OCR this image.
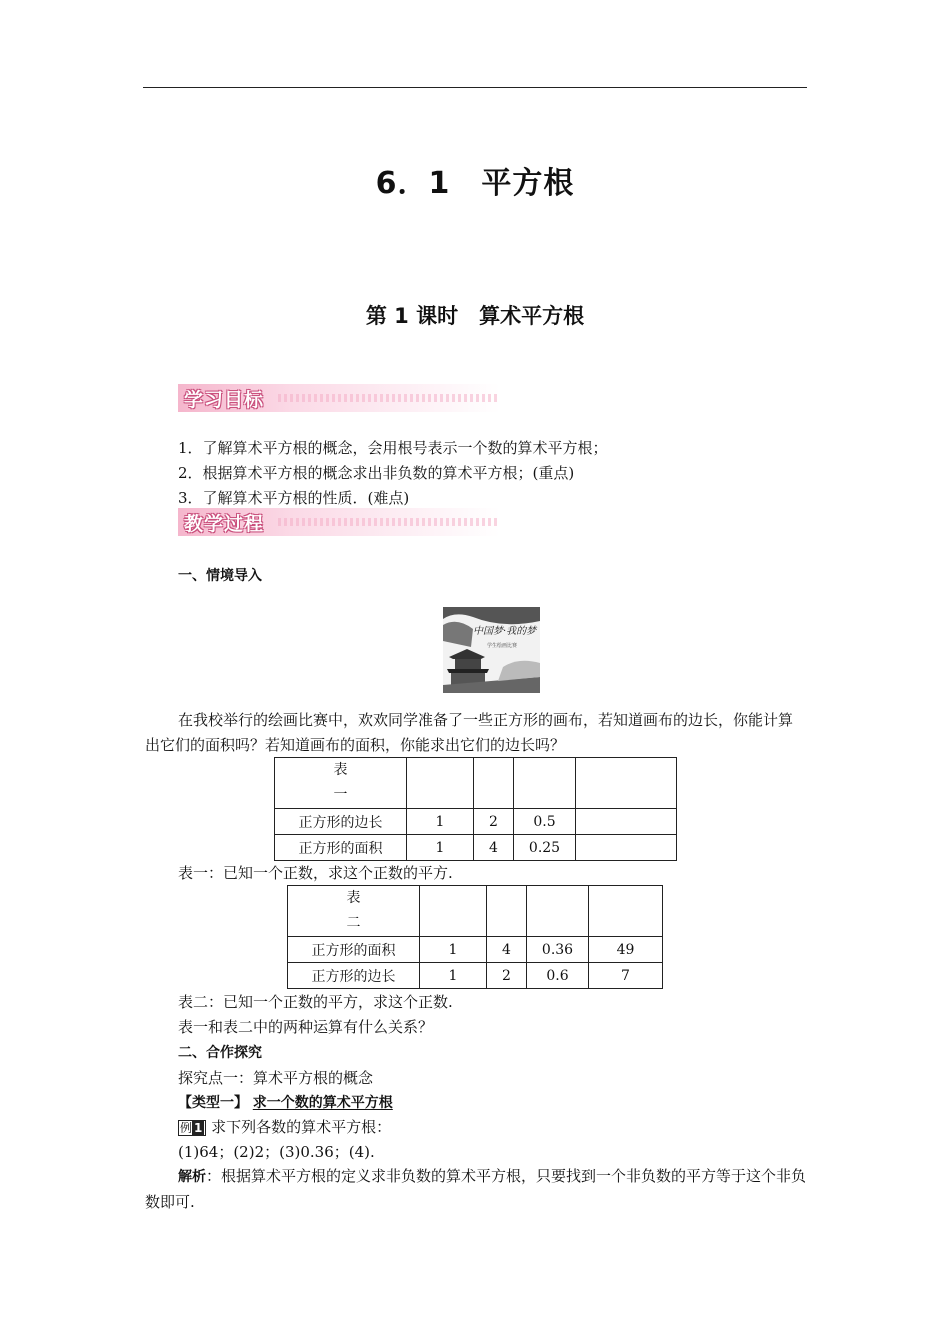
6．1　平方根
第 1 课时　算术平方根
学习目标
1．了解算术平方根的概念，会用根号表示一个数的算术平方根；
2．根据算术平方根的概念求出非负数的算术平方根；(重点)
3．了解算术平方根的性质．(难点)
教学过程
一、情境导入
中国梦·我的梦
学生绘画比赛
在我校举行的绘画比赛中，欢欢同学准备了一些正方形的画布，若知道画布的边长，你能计算出它们的面积吗？若知道画布的面积，你能求出它们的边长吗？
表一				
正方形的边长	1	2	0.5	
正方形的面积	1	4	0.25	
表一：已知一个正数，求这个正数的平方.
表二				
正方形的面积	1	4	0.36	49
正方形的边长	1	2	0.6	7
表二：已知一个正数的平方，求这个正数.
表一和表二中的两种运算有什么关系？
二、合作探究
探究点一：算术平方根的概念
【类型一】 求一个数的算术平方根
例 1 求下列各数的算术平方根：
(1)64；(2)2；(3)0.36；(4).
解析：根据算术平方根的定义求非负数的算术平方根，只要找到一个非负数的平方等于这个非负数即可.
